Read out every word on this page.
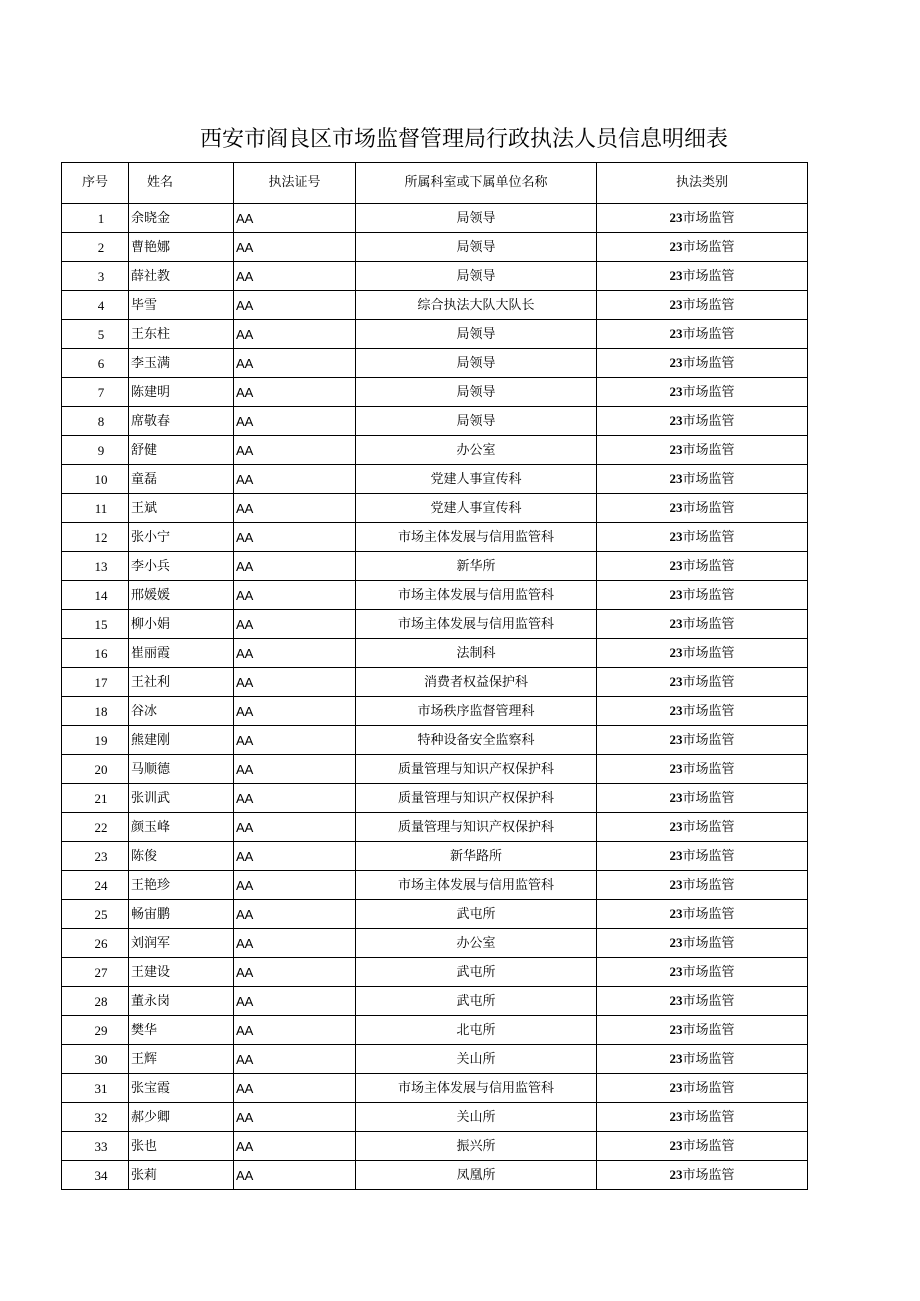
西安市阎良区市场监督管理局行政执法人员信息明细表
序号	姓名	执法证号	所属科室或下属单位名称	执法类别
1	余晓金	AA	局领导	23市场监管
2	曹艳娜	AA	局领导	23市场监管
3	薛社教	AA	局领导	23市场监管
4	毕雪	AA	综合执法大队大队长	23市场监管
5	王东柱	AA	局领导	23市场监管
6	李玉满	AA	局领导	23市场监管
7	陈建明	AA	局领导	23市场监管
8	席敬春	AA	局领导	23市场监管
9	舒健	AA	办公室	23市场监管
10	童磊	AA	党建人事宣传科	23市场监管
11	王斌	AA	党建人事宣传科	23市场监管
12	张小宁	AA	市场主体发展与信用监管科	23市场监管
13	李小兵	AA	新华所	23市场监管
14	邢媛媛	AA	市场主体发展与信用监管科	23市场监管
15	柳小娟	AA	市场主体发展与信用监管科	23市场监管
16	崔丽霞	AA	法制科	23市场监管
17	王社利	AA	消费者权益保护科	23市场监管
18	谷冰	AA	市场秩序监督管理科	23市场监管
19	熊建刚	AA	特种设备安全监察科	23市场监管
20	马顺德	AA	质量管理与知识产权保护科	23市场监管
21	张训武	AA	质量管理与知识产权保护科	23市场监管
22	颜玉峰	AA	质量管理与知识产权保护科	23市场监管
23	陈俊	AA	新华路所	23市场监管
24	王艳珍	AA	市场主体发展与信用监管科	23市场监管
25	畅宙鹏	AA	武屯所	23市场监管
26	刘润军	AA	办公室	23市场监管
27	王建设	AA	武屯所	23市场监管
28	董永岗	AA	武屯所	23市场监管
29	樊华	AA	北屯所	23市场监管
30	王辉	AA	关山所	23市场监管
31	张宝霞	AA	市场主体发展与信用监管科	23市场监管
32	郝少卿	AA	关山所	23市场监管
33	张也	AA	振兴所	23市场监管
34	张莉	AA	凤凰所	23市场监管
